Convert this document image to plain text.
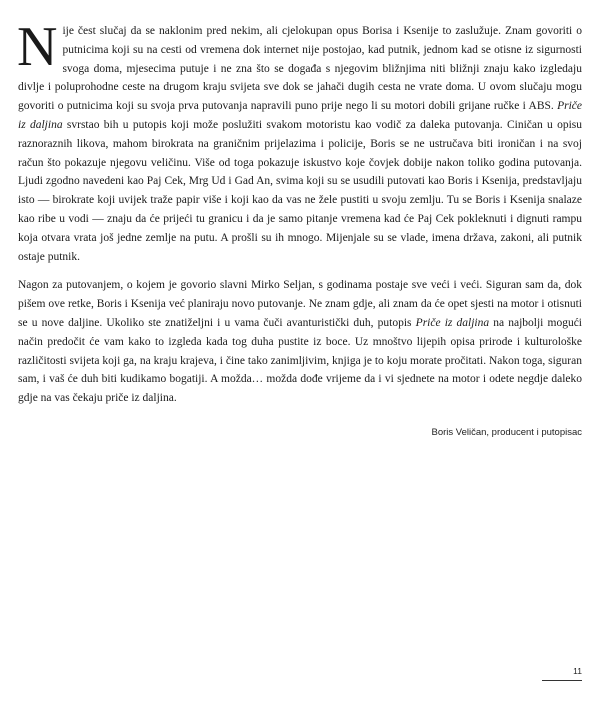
Nije čest slučaj da se naklonim pred nekim, ali cjelokupan opus Borisa i Ksenije to zaslužuje. Znam govoriti o putnicima koji su na cesti od vremena dok internet nije postojao, kad putnik, jednom kad se otisne iz sigurnosti svoga doma, mjesecima putuje i ne zna što se događa s njegovim bližnjima niti bližnji znaju kako izgledaju divlje i poluprohodne ceste na drugom kraju svijeta sve dok se jahači dugih cesta ne vrate doma. U ovom slučaju mogu govoriti o putnicima koji su svoja prva putovanja napravili puno prije nego li su motori dobili grijane ručke i ABS. Priče iz daljina svrstao bih u putopis koji može poslužiti svakom motoristu kao vodič za daleka putovanja. Ciničan u opisu raznoraznih likova, mahom birokrata na graničnim prijelazima i policije, Boris se ne ustručava biti ironičan i na svoj račun što pokazuje njegovu veličinu. Više od toga pokazuje iskustvo koje čovjek dobije nakon toliko godina putovanja. Ljudi zgodno navedeni kao Paj Cek, Mrg Ud i Gad An, svima koji su se usudili putovati kao Boris i Ksenija, predstavljaju isto — birokrate koji uvijek traže papir više i koji kao da vas ne žele pustiti u svoju zemlju. Tu se Boris i Ksenija snalaze kao ribe u vodi — znaju da će prijeći tu granicu i da je samo pitanje vremena kad će Paj Cek pokleknuti i dignuti rampu koja otvara vrata još jedne zemlje na putu. A prošli su ih mnogo. Mijenjale su se vlade, imena država, zakoni, ali putnik ostaje putnik.

Nagon za putovanjem, o kojem je govorio slavni Mirko Seljan, s godinama postaje sve veći i veći. Siguran sam da, dok pišem ove retke, Boris i Ksenija već planiraju novo putovanje. Ne znam gdje, ali znam da će opet sjesti na motor i otisnuti se u nove daljine. Ukoliko ste znatiželjni i u vama čuči avanturistički duh, putopis Priče iz daljina na najbolji mogući način predočit će vam kako to izgleda kada tog duha pustite iz boce. Uz mnoštvo lijepih opisa prirode i kulturološke različitosti svijeta koji ga, na kraju krajeva, i čine tako zanimljivim, knjiga je to koju morate pročitati. Nakon toga, siguran sam, i vaš će duh biti kudikamo bogatiji. A možda… možda dođe vrijeme da i vi sjednete na motor i odete negdje daleko gdje na vas čekaju priče iz daljina.

Boris Veličan, producent i putopisac
11
